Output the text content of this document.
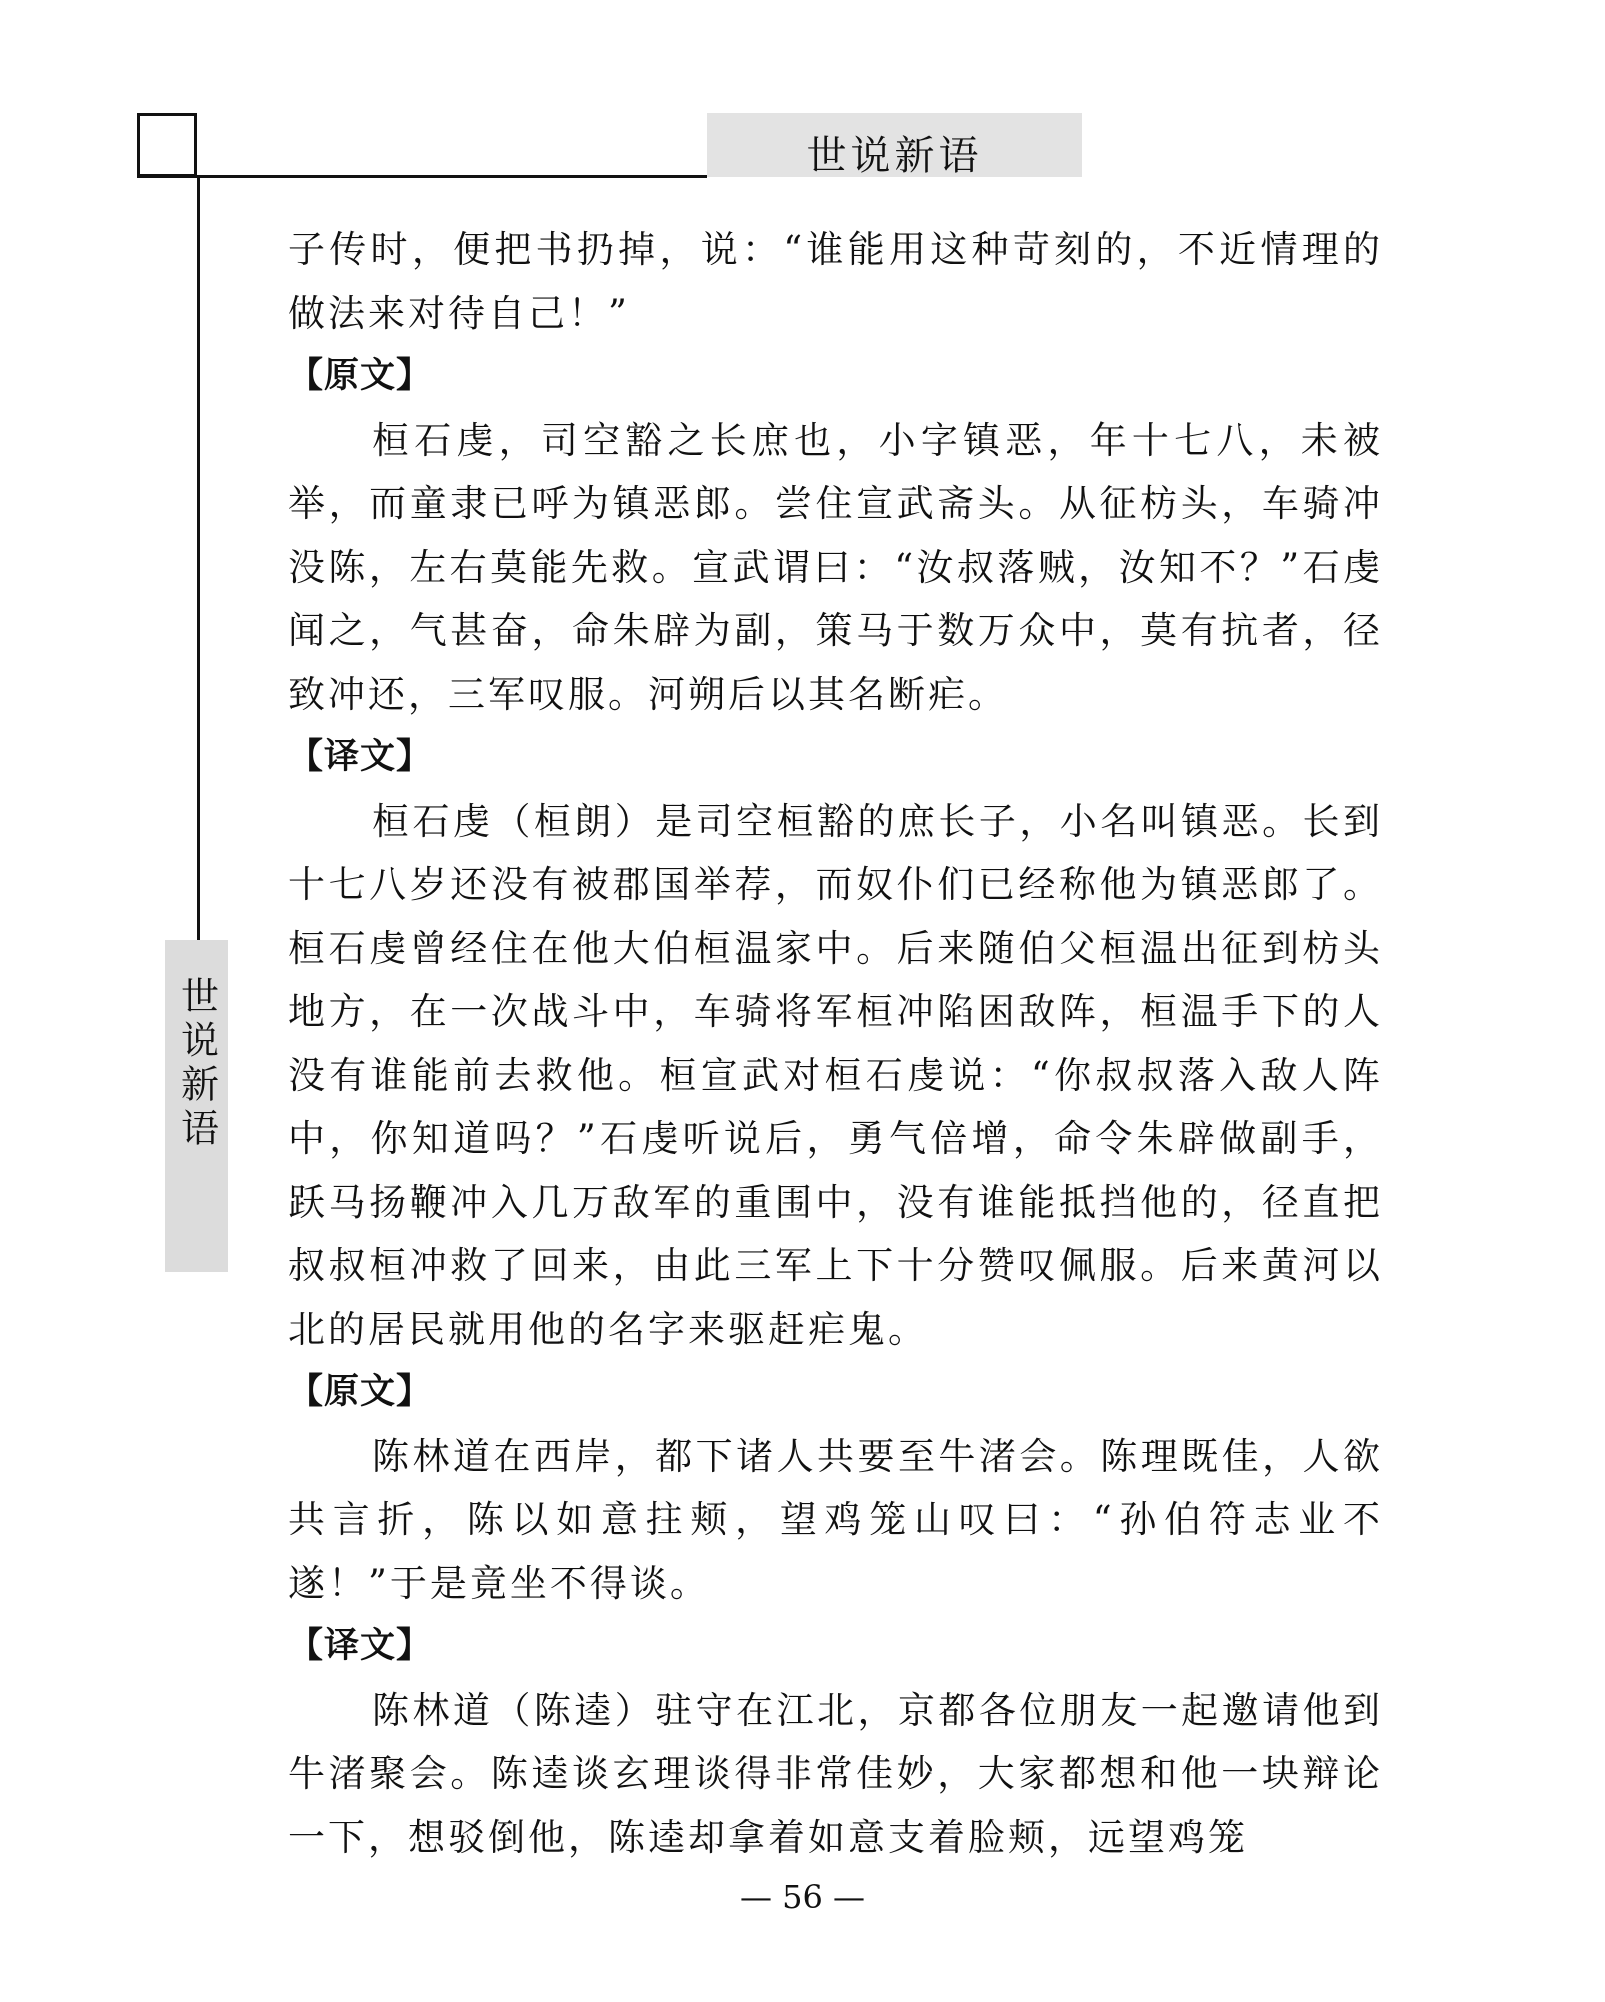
世说新语
世说新语

子传时，便把书扔掉，说：“谁能用这种苛刻的，不近情理的做法来对待自己！”

【原文】

桓石虔，司空豁之长庶也，小字镇恶，年十七八，未被举，而童隶已呼为镇恶郎。尝住宣武斋头。从征枋头，车骑冲没陈，左右莫能先救。宣武谓曰：“汝叔落贼，汝知不？”石虔闻之，气甚奋，命朱辟为副，策马于数万众中，莫有抗者，径致冲还，三军叹服。河朔后以其名断疟。

【译文】

桓石虔（桓朗）是司空桓豁的庶长子，小名叫镇恶。长到十七八岁还没有被郡国举荐，而奴仆们已经称他为镇恶郎了。桓石虔曾经住在他大伯桓温家中。后来随伯父桓温出征到枋头地方，在一次战斗中，车骑将军桓冲陷困敌阵，桓温手下的人没有谁能前去救他。桓宣武对桓石虔说：“你叔叔落入敌人阵中，你知道吗？”石虔听说后，勇气倍增，命令朱辟做副手，跃马扬鞭冲入几万敌军的重围中，没有谁能抵挡他的，径直把叔叔桓冲救了回来，由此三军上下十分赞叹佩服。后来黄河以北的居民就用他的名字来驱赶疟鬼。

【原文】

陈林道在西岸，都下诸人共要至牛渚会。陈理既佳，人欲共言折，陈以如意拄颊，望鸡笼山叹曰：“孙伯符志业不遂！”于是竟坐不得谈。

【译文】

陈林道（陈逵）驻守在江北，京都各位朋友一起邀请他到牛渚聚会。陈逵谈玄理谈得非常佳妙，大家都想和他一块辩论一下，想驳倒他，陈逵却拿着如意支着脸颊，远望鸡笼

— 56 —
